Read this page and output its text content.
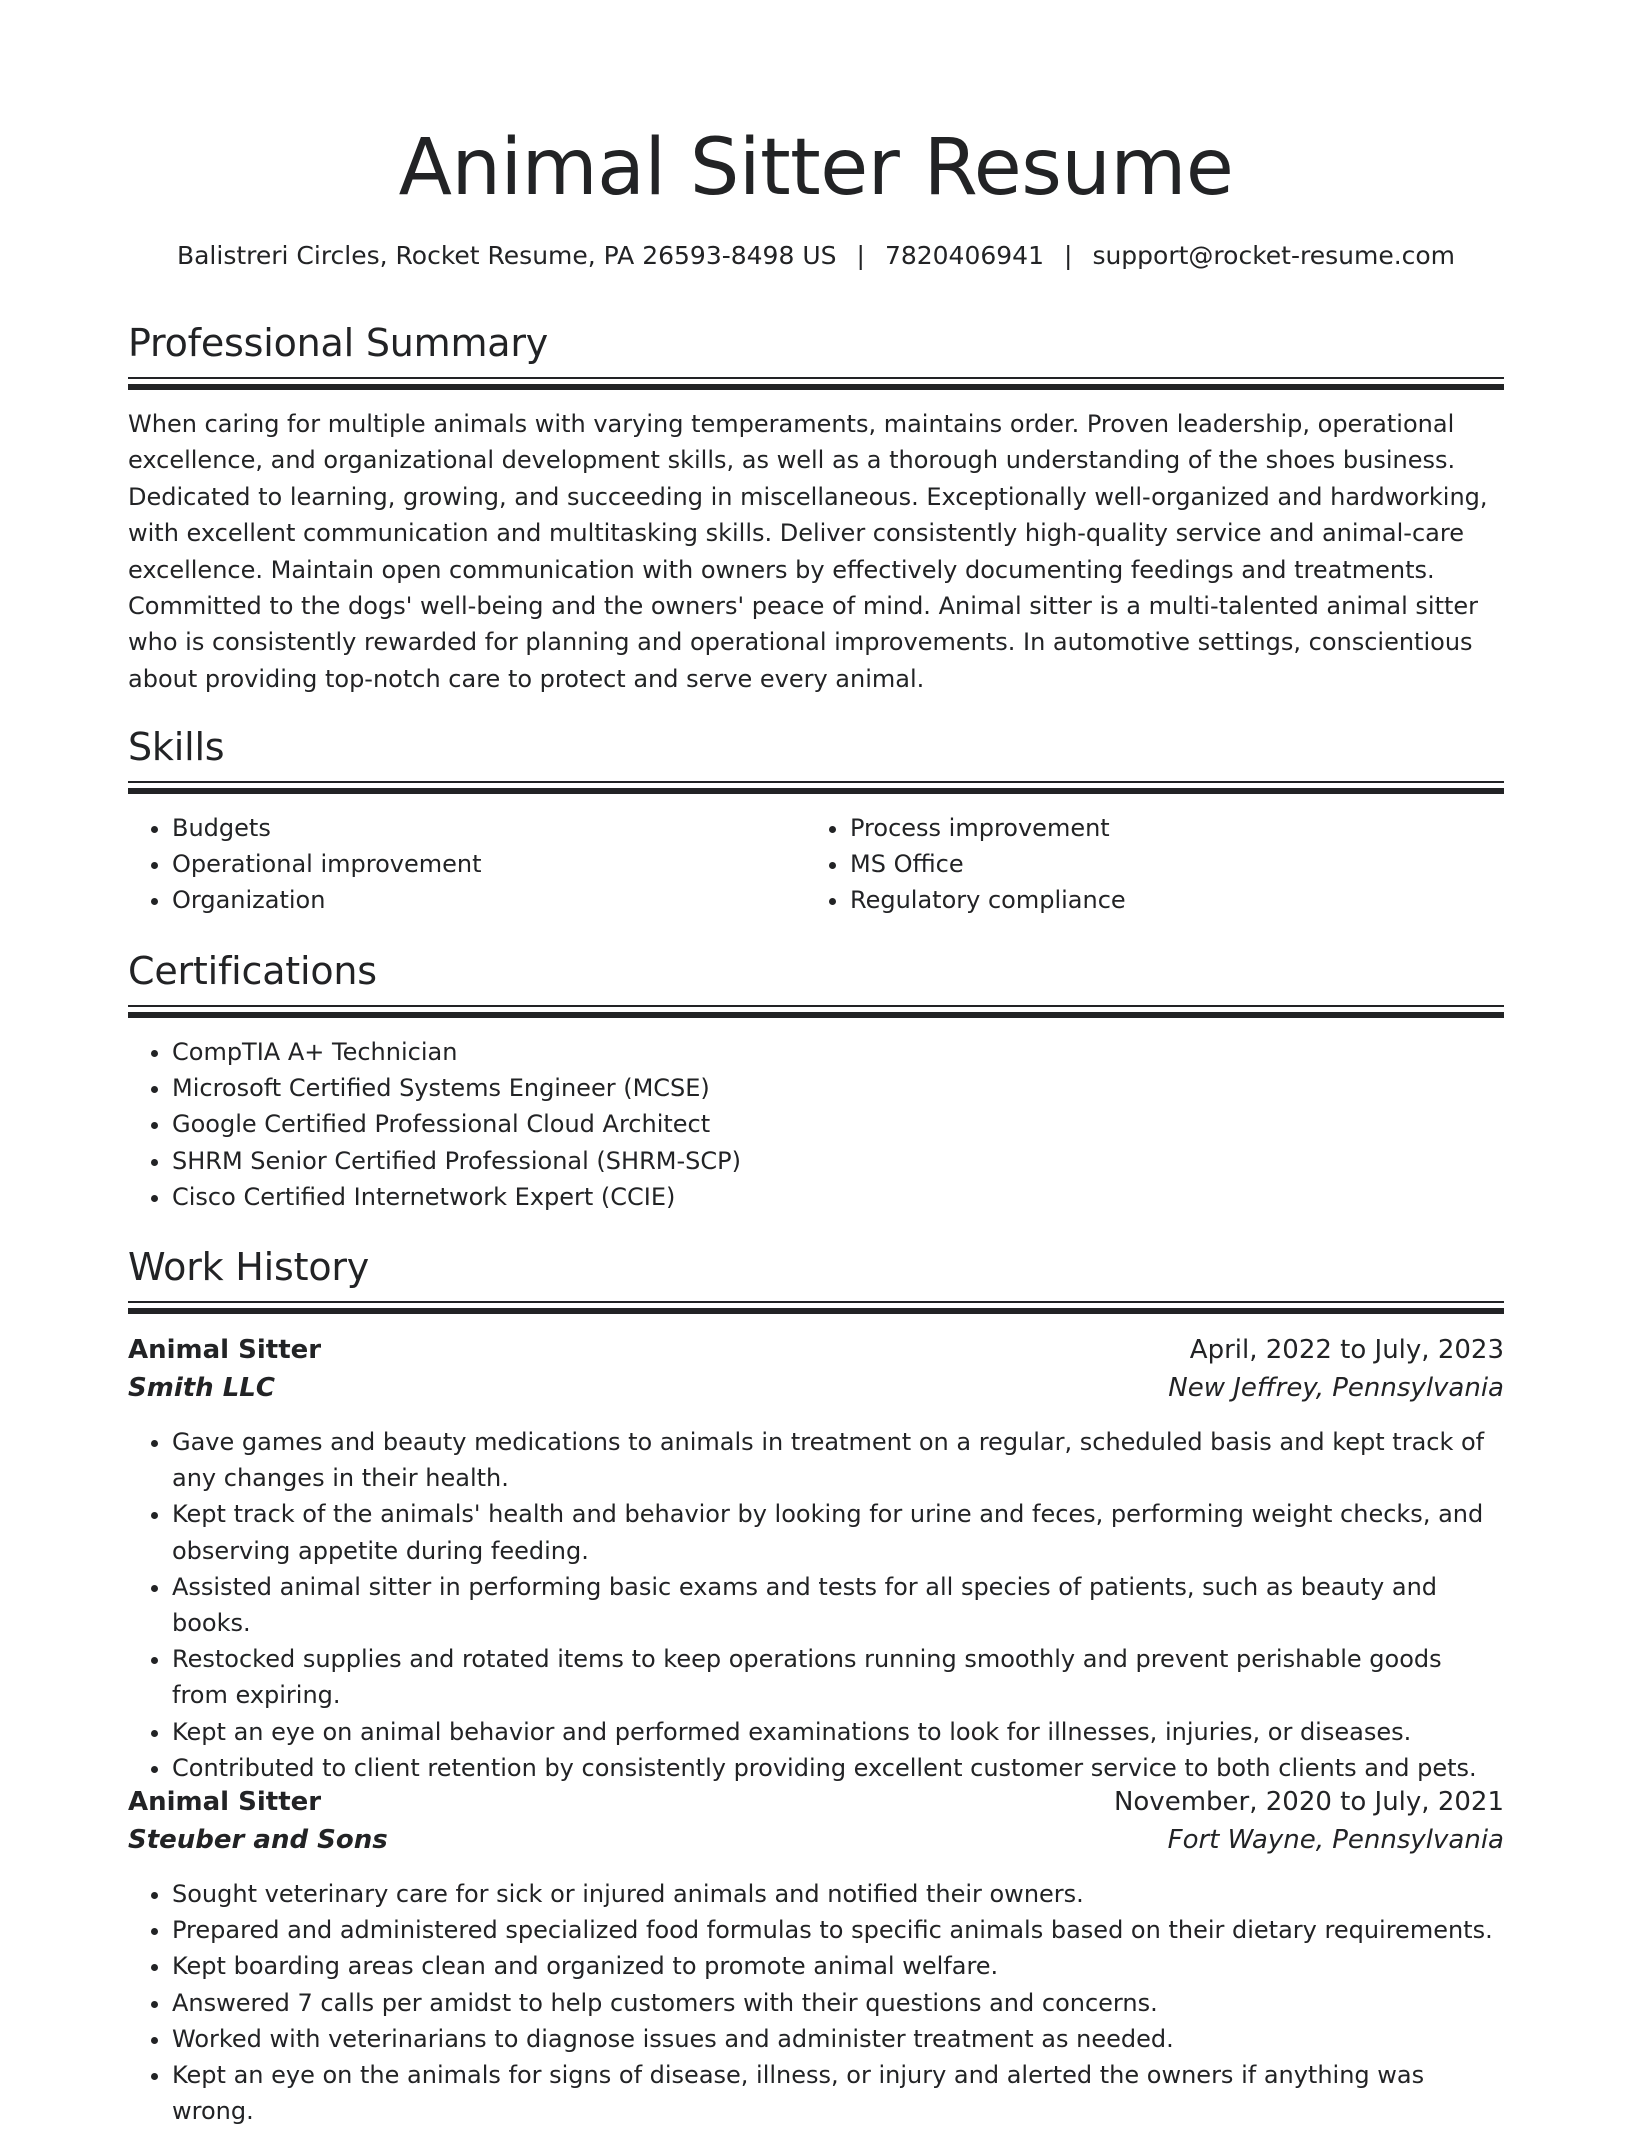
Animal Sitter Resume
Balistreri Circles, Rocket Resume, PA 26593-8498 US | 7820406941 | support@rocket-resume.com
Professional Summary

When caring for multiple animals with varying temperaments, maintains order. Proven leadership, operational excellence, and organizational development skills, as well as a thorough understanding of the shoes business. Dedicated to learning, growing, and succeeding in miscellaneous. Exceptionally well-organized and hardworking, with excellent communication and multitasking skills. Deliver consistently high-quality service and animal-care excellence. Maintain open communication with owners by effectively documenting feedings and treatments. Committed to the dogs' well-being and the owners' peace of mind. Animal sitter is a multi-talented animal sitter who is consistently rewarded for planning and operational improvements. In automotive settings, conscientious about providing top-notch care to protect and serve every animal.

Skills
• Budgets
• Operational improvement
• Organization
• Process improvement
• MS Office
• Regulatory compliance
Certifications
• CompTIA A+ Technician
• Microsoft Certified Systems Engineer (MCSE)
• Google Certified Professional Cloud Architect
• SHRM Senior Certified Professional (SHRM-SCP)
• Cisco Certified Internetwork Expert (CCIE)
Work History
Animal Sitter	April, 2022 to July, 2023
Smith LLC	New Jeffrey, Pennsylvania
• Gave games and beauty medications to animals in treatment on a regular, scheduled basis and kept track of any changes in their health.
• Kept track of the animals' health and behavior by looking for urine and feces, performing weight checks, and observing appetite during feeding.
• Assisted animal sitter in performing basic exams and tests for all species of patients, such as beauty and books.
• Restocked supplies and rotated items to keep operations running smoothly and prevent perishable goods from expiring.
• Kept an eye on animal behavior and performed examinations to look for illnesses, injuries, or diseases.
• Contributed to client retention by consistently providing excellent customer service to both clients and pets.
Animal Sitter	November, 2020 to July, 2021
Steuber and Sons	Fort Wayne, Pennsylvania
• Sought veterinary care for sick or injured animals and notified their owners.
• Prepared and administered specialized food formulas to specific animals based on their dietary requirements.
• Kept boarding areas clean and organized to promote animal welfare.
• Answered 7 calls per amidst to help customers with their questions and concerns.
• Worked with veterinarians to diagnose issues and administer treatment as needed.
• Kept an eye on the animals for signs of disease, illness, or injury and alerted the owners if anything was wrong.
